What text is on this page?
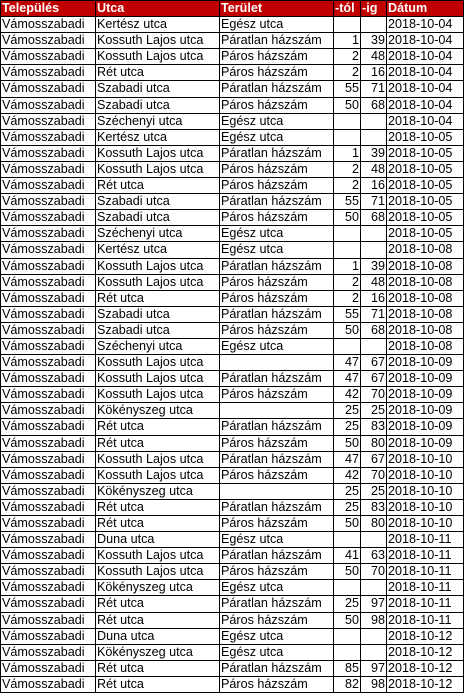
Település	Utca	Terület	-tól	-ig	Dátum
Vámosszabadi	Kertész utca	Egész utca			2018-10-04
Vámosszabadi	Kossuth Lajos utca	Páratlan házszám	1	39	2018-10-04
Vámosszabadi	Kossuth Lajos utca	Páros házszám	2	48	2018-10-04
Vámosszabadi	Rét utca	Páros házszám	2	16	2018-10-04
Vámosszabadi	Szabadi utca	Páratlan házszám	55	71	2018-10-04
Vámosszabadi	Szabadi utca	Páros házszám	50	68	2018-10-04
Vámosszabadi	Széchenyi utca	Egész utca			2018-10-04
Vámosszabadi	Kertész utca	Egész utca			2018-10-05
Vámosszabadi	Kossuth Lajos utca	Páratlan házszám	1	39	2018-10-05
Vámosszabadi	Kossuth Lajos utca	Páros házszám	2	48	2018-10-05
Vámosszabadi	Rét utca	Páros házszám	2	16	2018-10-05
Vámosszabadi	Szabadi utca	Páratlan házszám	55	71	2018-10-05
Vámosszabadi	Szabadi utca	Páros házszám	50	68	2018-10-05
Vámosszabadi	Széchenyi utca	Egész utca			2018-10-05
Vámosszabadi	Kertész utca	Egész utca			2018-10-08
Vámosszabadi	Kossuth Lajos utca	Páratlan házszám	1	39	2018-10-08
Vámosszabadi	Kossuth Lajos utca	Páros házszám	2	48	2018-10-08
Vámosszabadi	Rét utca	Páros házszám	2	16	2018-10-08
Vámosszabadi	Szabadi utca	Páratlan házszám	55	71	2018-10-08
Vámosszabadi	Szabadi utca	Páros házszám	50	68	2018-10-08
Vámosszabadi	Széchenyi utca	Egész utca			2018-10-08
Vámosszabadi	Kossuth Lajos utca		47	67	2018-10-09
Vámosszabadi	Kossuth Lajos utca	Páratlan házszám	47	67	2018-10-09
Vámosszabadi	Kossuth Lajos utca	Páros házszám	42	70	2018-10-09
Vámosszabadi	Kökényszeg utca		25	25	2018-10-09
Vámosszabadi	Rét utca	Páratlan házszám	25	83	2018-10-09
Vámosszabadi	Rét utca	Páros házszám	50	80	2018-10-09
Vámosszabadi	Kossuth Lajos utca	Páratlan házszám	47	67	2018-10-10
Vámosszabadi	Kossuth Lajos utca	Páros házszám	42	70	2018-10-10
Vámosszabadi	Kökényszeg utca		25	25	2018-10-10
Vámosszabadi	Rét utca	Páratlan házszám	25	83	2018-10-10
Vámosszabadi	Rét utca	Páros házszám	50	80	2018-10-10
Vámosszabadi	Duna utca	Egész utca			2018-10-11
Vámosszabadi	Kossuth Lajos utca	Páratlan házszám	41	63	2018-10-11
Vámosszabadi	Kossuth Lajos utca	Páros házszám	50	70	2018-10-11
Vámosszabadi	Kökényszeg utca	Egész utca			2018-10-11
Vámosszabadi	Rét utca	Páratlan házszám	25	97	2018-10-11
Vámosszabadi	Rét utca	Páros házszám	50	98	2018-10-11
Vámosszabadi	Duna utca	Egész utca			2018-10-12
Vámosszabadi	Kökényszeg utca	Egész utca			2018-10-12
Vámosszabadi	Rét utca	Páratlan házszám	85	97	2018-10-12
Vámosszabadi	Rét utca	Páros házszám	82	98	2018-10-12
